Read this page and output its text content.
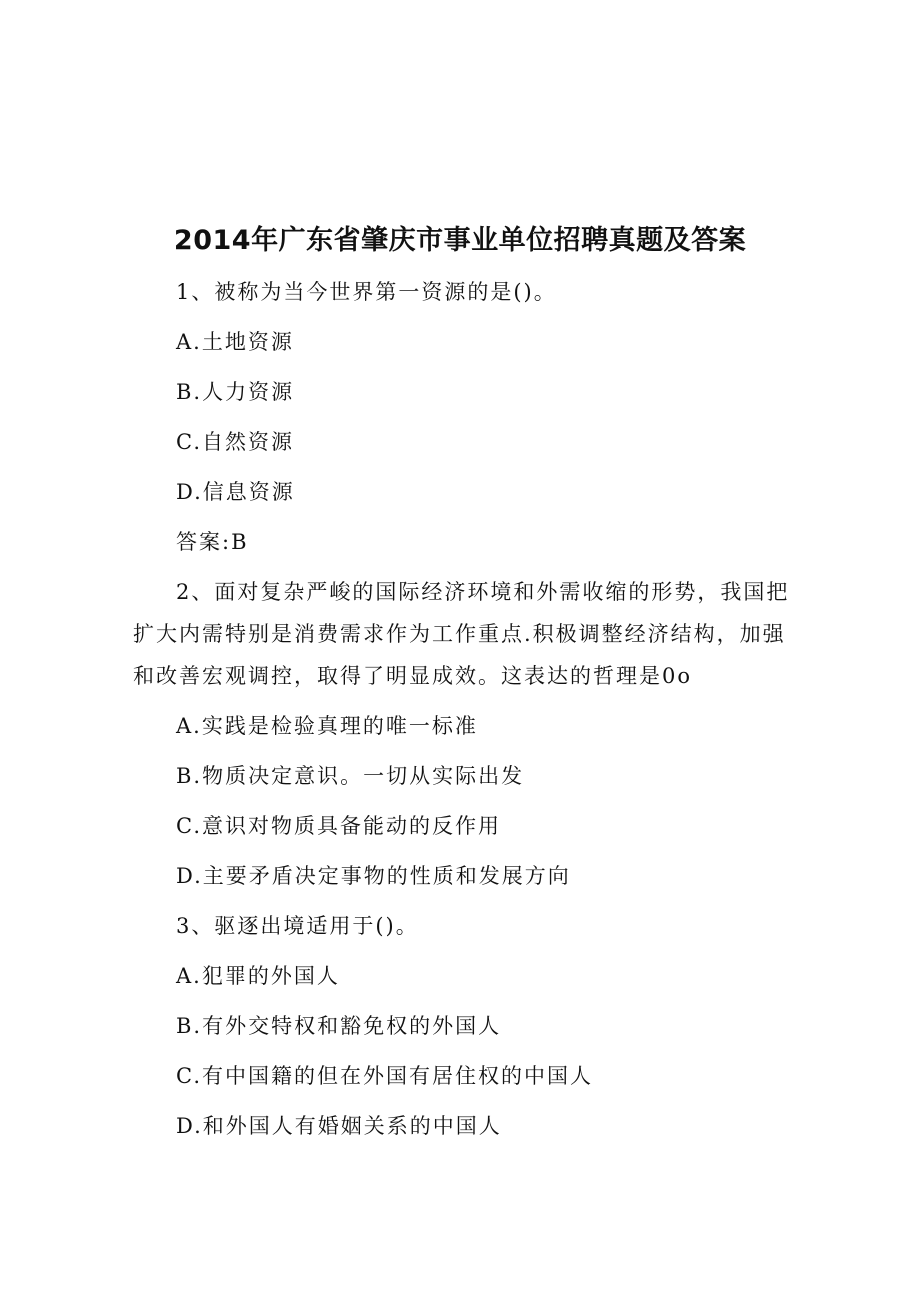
2014年广东省肇庆市事业单位招聘真题及答案
1、被称为当今世界第一资源的是()。
A.土地资源
B.人力资源
C.自然资源
D.信息资源
答案:B
2、面对复杂严峻的国际经济环境和外需收缩的形势，我国把
扩大内需特别是消费需求作为工作重点.积极调整经济结构，加强
和改善宏观调控，取得了明显成效。这表达的哲理是0o
A.实践是检验真理的唯一标准
B.物质决定意识。一切从实际出发
C.意识对物质具备能动的反作用
D.主要矛盾决定事物的性质和发展方向
3、驱逐出境适用于()。
A.犯罪的外国人
B.有外交特权和豁免权的外国人
C.有中国籍的但在外国有居住权的中国人
D.和外国人有婚姻关系的中国人
